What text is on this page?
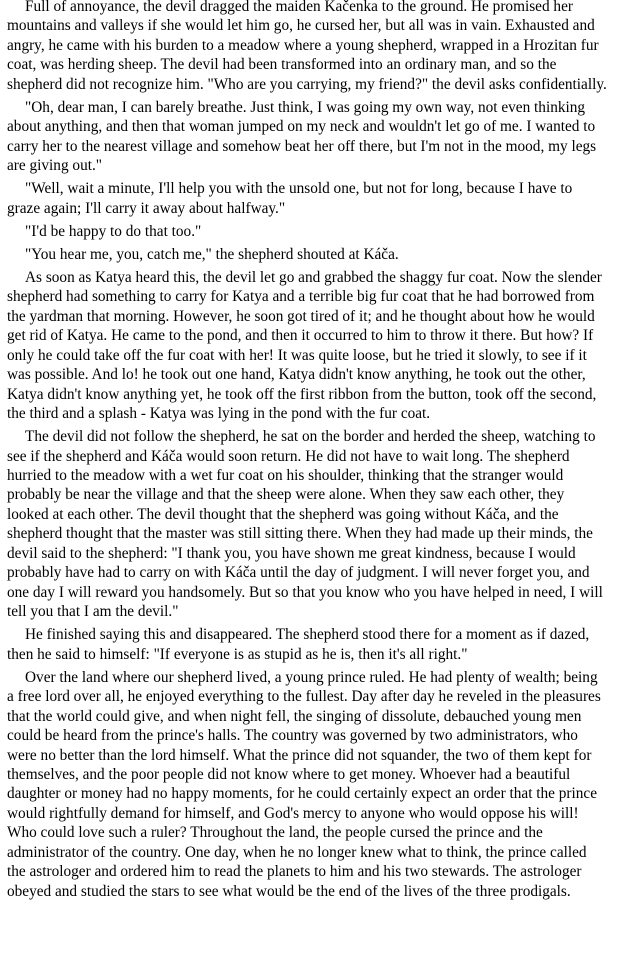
Full of annoyance, the devil dragged the maiden Kačenka to the ground. He promised her mountains and valleys if she would let him go, he cursed her, but all was in vain. Exhausted and angry, he came with his burden to a meadow where a young shepherd, wrapped in a Hrozitan fur coat, was herding sheep. The devil had been transformed into an ordinary man, and so the shepherd did not recognize him. "Who are you carrying, my friend?" the devil asks confidentially.

"Oh, dear man, I can barely breathe. Just think, I was going my own way, not even thinking about anything, and then that woman jumped on my neck and wouldn't let go of me. I wanted to carry her to the nearest village and somehow beat her off there, but I'm not in the mood, my legs are giving out."

"Well, wait a minute, I'll help you with the unsold one, but not for long, because I have to graze again; I'll carry it away about halfway."

"I'd be happy to do that too."

"You hear me, you, catch me," the shepherd shouted at Káča.

As soon as Katya heard this, the devil let go and grabbed the shaggy fur coat. Now the slender shepherd had something to carry for Katya and a terrible big fur coat that he had borrowed from the yardman that morning. However, he soon got tired of it; and he thought about how he would get rid of Katya. He came to the pond, and then it occurred to him to throw it there. But how? If only he could take off the fur coat with her! It was quite loose, but he tried it slowly, to see if it was possible. And lo! he took out one hand, Katya didn't know anything, he took out the other, Katya didn't know anything yet, he took off the first ribbon from the button, took off the second, the third and a splash - Katya was lying in the pond with the fur coat.

The devil did not follow the shepherd, he sat on the border and herded the sheep, watching to see if the shepherd and Káča would soon return. He did not have to wait long. The shepherd hurried to the meadow with a wet fur coat on his shoulder, thinking that the stranger would probably be near the village and that the sheep were alone. When they saw each other, they looked at each other. The devil thought that the shepherd was going without Káča, and the shepherd thought that the master was still sitting there. When they had made up their minds, the devil said to the shepherd: "I thank you, you have shown me great kindness, because I would probably have had to carry on with Káča until the day of judgment. I will never forget you, and one day I will reward you handsomely. But so that you know who you have helped in need, I will tell you that I am the devil."

He finished saying this and disappeared. The shepherd stood there for a moment as if dazed, then he said to himself: "If everyone is as stupid as he is, then it's all right."

Over the land where our shepherd lived, a young prince ruled. He had plenty of wealth; being a free lord over all, he enjoyed everything to the fullest. Day after day he reveled in the pleasures that the world could give, and when night fell, the singing of dissolute, debauched young men could be heard from the prince's halls. The country was governed by two administrators, who were no better than the lord himself. What the prince did not squander, the two of them kept for themselves, and the poor people did not know where to get money. Whoever had a beautiful daughter or money had no happy moments, for he could certainly expect an order that the prince would rightfully demand for himself, and God's mercy to anyone who would oppose his will! Who could love such a ruler? Throughout the land, the people cursed the prince and the administrator of the country. One day, when he no longer knew what to think, the prince called the astrologer and ordered him to read the planets to him and his two stewards. The astrologer obeyed and studied the stars to see what would be the end of the lives of the three prodigals.
